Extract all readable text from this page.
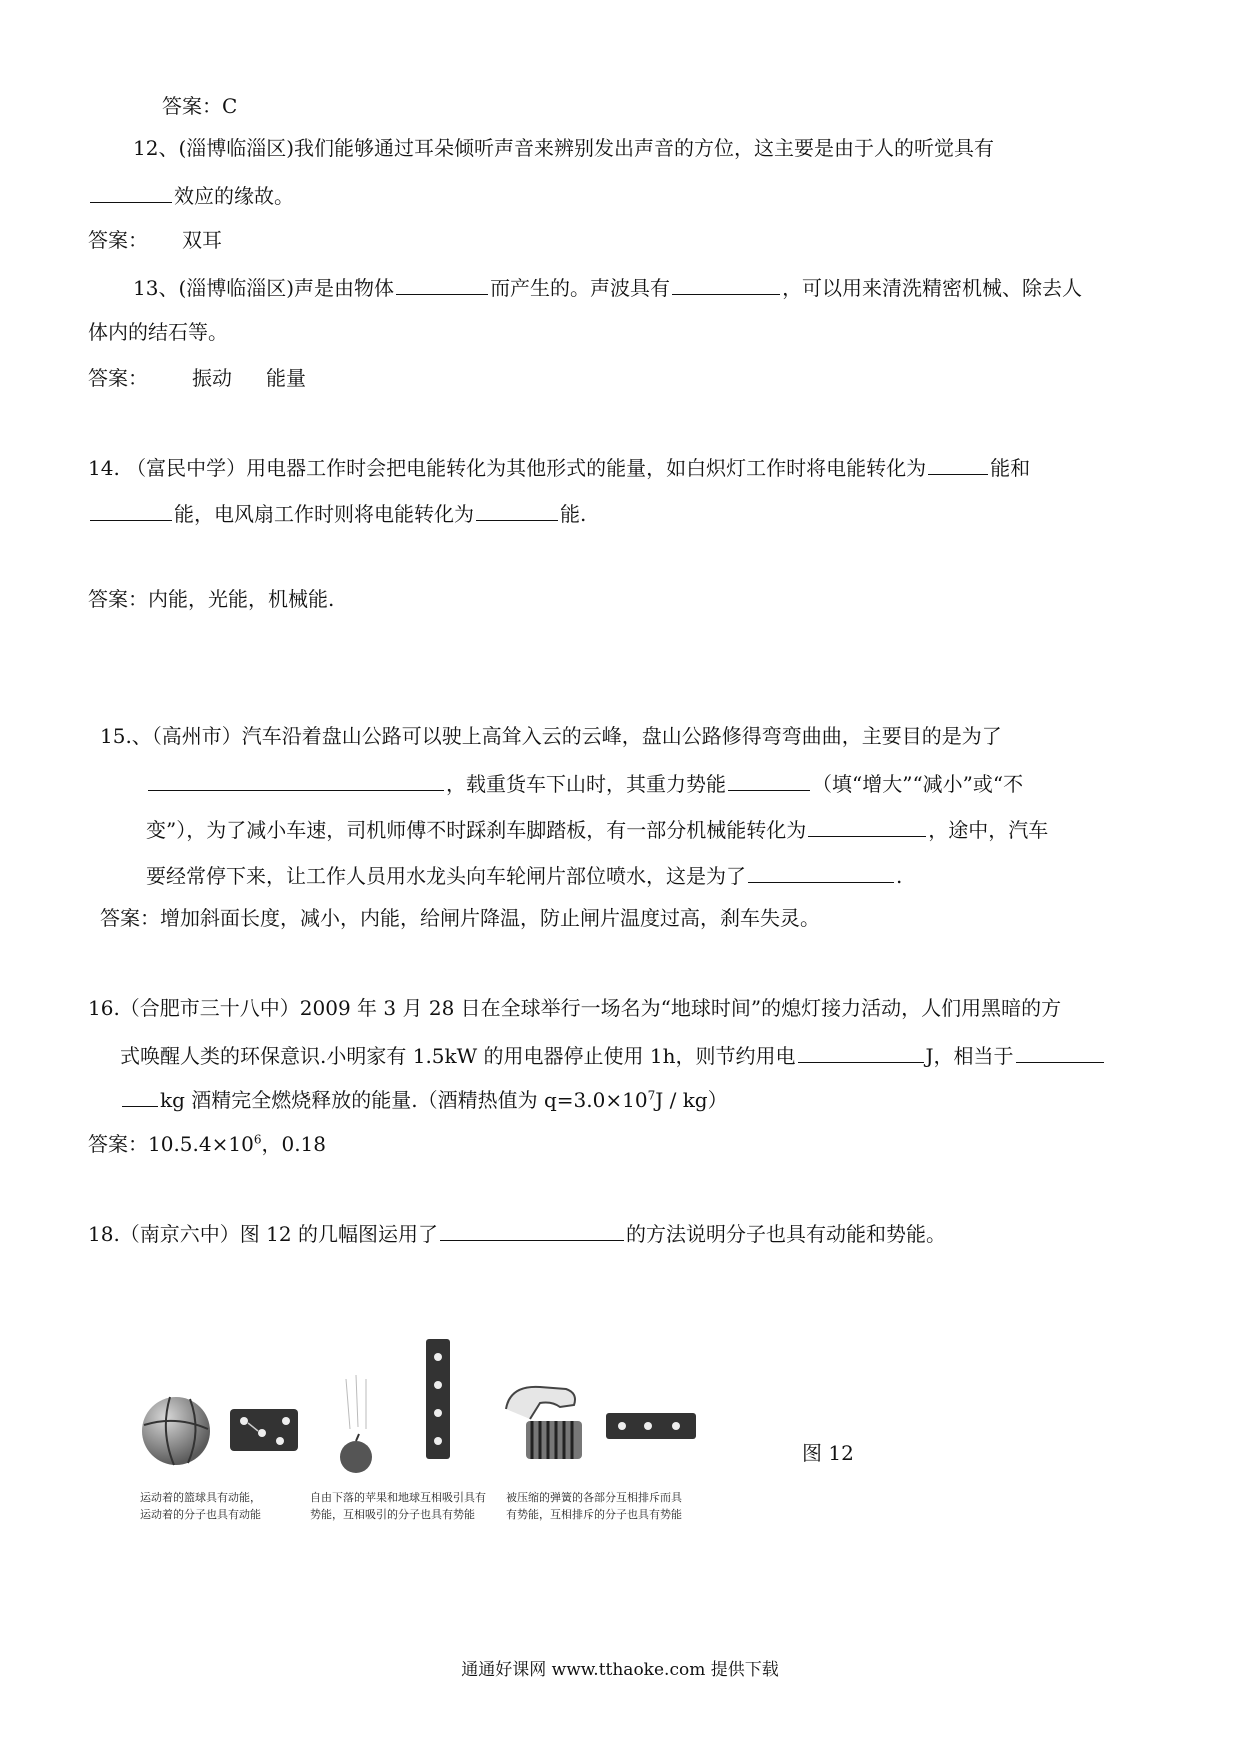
答案：C
12、(淄博临淄区)我们能够通过耳朵倾听声音来辨别发出声音的方位，这主要是由于人的听觉具有
效应的缘故。
答案： 双耳
13、(淄博临淄区)声是由物体	而产生的。声波具有	，可以用来清洗精密机械、除去人
体内的结石等。
答案： 振动 能量
14. （富民中学）用电器工作时会把电能转化为其他形式的能量，如白炽灯工作时将电能转化为	能和
能，电风扇工作时则将电能转化为	能.
答案：内能，光能，机械能.
15.、（高州市）汽车沿着盘山公路可以驶上高耸入云的云峰，盘山公路修得弯弯曲曲，主要目的是为了
，载重货车下山时，其重力势能	（填“增大”“减小”或“不
变”），为了减小车速，司机师傅不时踩刹车脚踏板，有一部分机械能转化为	，途中，汽车
要经常停下来，让工作人员用水龙头向车轮闸片部位喷水，这是为了	.
答案：增加斜面长度，减小，内能，给闸片降温，防止闸片温度过高，刹车失灵。
16.（合肥市三十八中）2009 年 3 月 28 日在全球举行一场名为“地球时间”的熄灯接力活动，人们用黑暗的方
式唤醒人类的环保意识.小明家有 1.5kW 的用电器停止使用 1h，则节约用电	J，相当于
kg 酒精完全燃烧释放的能量.（酒精热值为 $q=3.0\times 10^7J / kg$）
答案：$10.5.4\times 10^6$，0.18
18.（南京六中）图 12 的几幅图运用了	的方法说明分子也具有动能和势能。
运动着的篮球具有动能，
运动着的分子也具有动能
自由下落的苹果和地球互相吸引具有
势能，互相吸引的分子也具有势能
被压缩的弹簧的各部分互相排斥而具
有势能，互相排斥的分子也具有势能
图 12
通通好课网 www.tthaoke.com 提供下载
